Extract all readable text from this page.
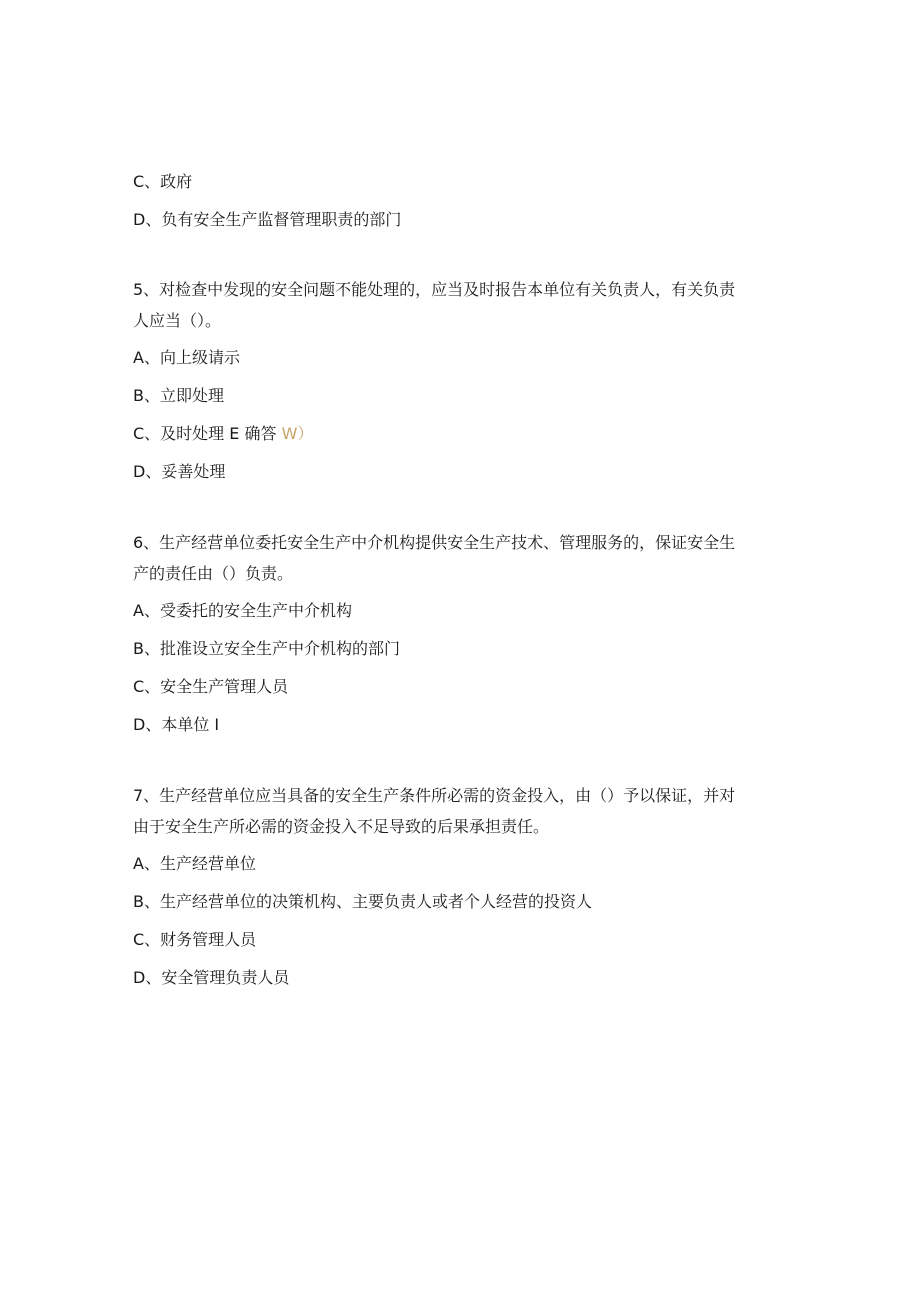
C、政府
D、负有安全生产监督管理职责的部门
5、对检查中发现的安全问题不能处理的，应当及时报告本单位有关负责人，有关负责
人应当（）。
A、向上级请示
B、立即处理
C、及时处理 E 确答 W）
D、妥善处理
6、生产经营单位委托安全生产中介机构提供安全生产技术、管理服务的，保证安全生
产的责任由（）负责。
A、受委托的安全生产中介机构
B、批准设立安全生产中介机构的部门
C、安全生产管理人员
D、本单位 I
7、生产经营单位应当具备的安全生产条件所必需的资金投入，由（）予以保证，并对
由于安全生产所必需的资金投入不足导致的后果承担责任。
A、生产经营单位
B、生产经营单位的决策机构、主要负责人或者个人经营的投资人
C、财务管理人员
D、安全管理负责人员
